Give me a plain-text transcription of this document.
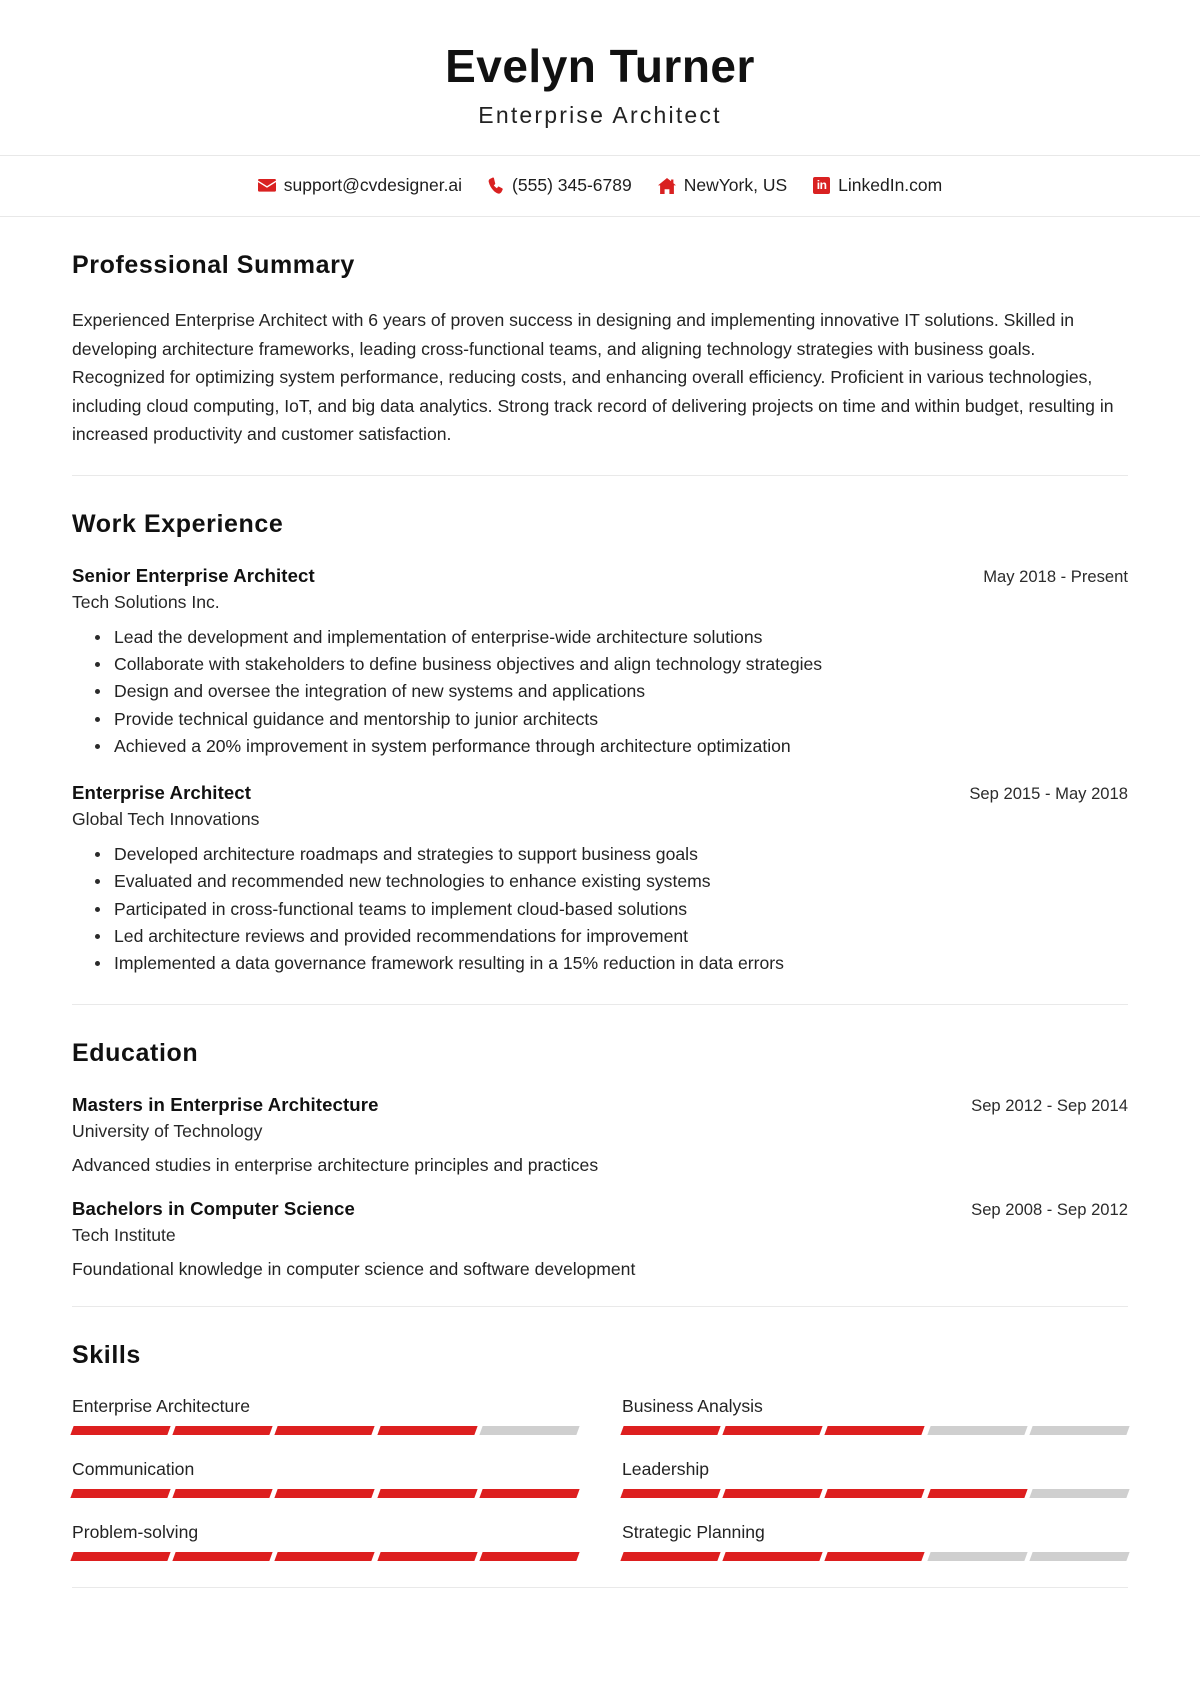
Evelyn Turner
Enterprise Architect
support@cvdesigner.ai	(555) 345-6789	NewYork, US in LinkedIn.com
Professional Summary
Experienced Enterprise Architect with 6 years of proven success in designing and implementing innovative IT solutions. Skilled in developing architecture frameworks, leading cross-functional teams, and aligning technology strategies with business goals. Recognized for optimizing system performance, reducing costs, and enhancing overall efficiency. Proficient in various technologies, including cloud computing, IoT, and big data analytics. Strong track record of delivering projects on time and within budget, resulting in increased productivity and customer satisfaction.
Work Experience
Senior Enterprise Architect	May 2018 - Present
Tech Solutions Inc.
Lead the development and implementation of enterprise-wide architecture solutions
Collaborate with stakeholders to define business objectives and align technology strategies
Design and oversee the integration of new systems and applications
Provide technical guidance and mentorship to junior architects
Achieved a 20% improvement in system performance through architecture optimization
Enterprise Architect	Sep 2015 - May 2018
Global Tech Innovations
Developed architecture roadmaps and strategies to support business goals
Evaluated and recommended new technologies to enhance existing systems
Participated in cross-functional teams to implement cloud-based solutions
Led architecture reviews and provided recommendations for improvement
Implemented a data governance framework resulting in a 15% reduction in data errors
Education
Masters in Enterprise Architecture	Sep 2012 - Sep 2014
University of Technology
Advanced studies in enterprise architecture principles and practices
Bachelors in Computer Science	Sep 2008 - Sep 2012
Tech Institute
Foundational knowledge in computer science and software development
Skills
Enterprise Architecture	Business Analysis
Communication	Leadership
Problem-solving	Strategic Planning
